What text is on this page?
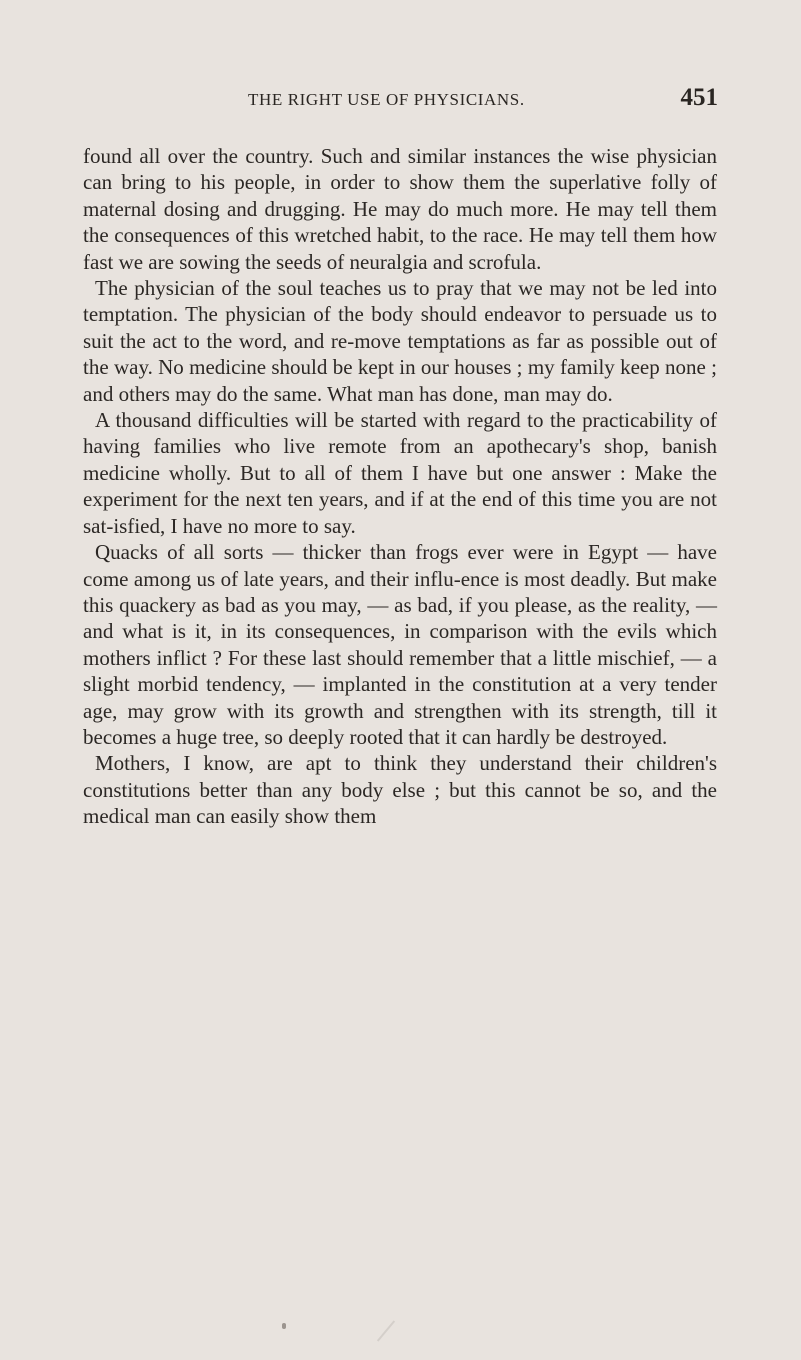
THE RIGHT USE OF PHYSICIANS.	451

found all over the country. Such and similar instances the wise physician can bring to his people, in order to show them the superlative folly of maternal dosing and drugging. He may do much more. He may tell them the consequences of this wretched habit, to the race. He may tell them how fast we are sowing the seeds of neuralgia and scrofula.

The physician of the soul teaches us to pray that we may not be led into temptation. The physician of the body should endeavor to persuade us to suit the act to the word, and re-move temptations as far as possible out of the way. No medicine should be kept in our houses ; my family keep none ; and others may do the same. What man has done, man may do.

A thousand difficulties will be started with regard to the practicability of having families who live remote from an apothecary's shop, banish medicine wholly. But to all of them I have but one answer : Make the experiment for the next ten years, and if at the end of this time you are not sat-isfied, I have no more to say.

Quacks of all sorts — thicker than frogs ever were in Egypt — have come among us of late years, and their influ-ence is most deadly. But make this quackery as bad as you may, — as bad, if you please, as the reality, — and what is it, in its consequences, in comparison with the evils which mothers inflict ? For these last should remember that a little mischief, — a slight morbid tendency, — implanted in the constitution at a very tender age, may grow with its growth and strengthen with its strength, till it becomes a huge tree, so deeply rooted that it can hardly be destroyed.

Mothers, I know, are apt to think they understand their children's constitutions better than any body else ; but this cannot be so, and the medical man can easily show them
